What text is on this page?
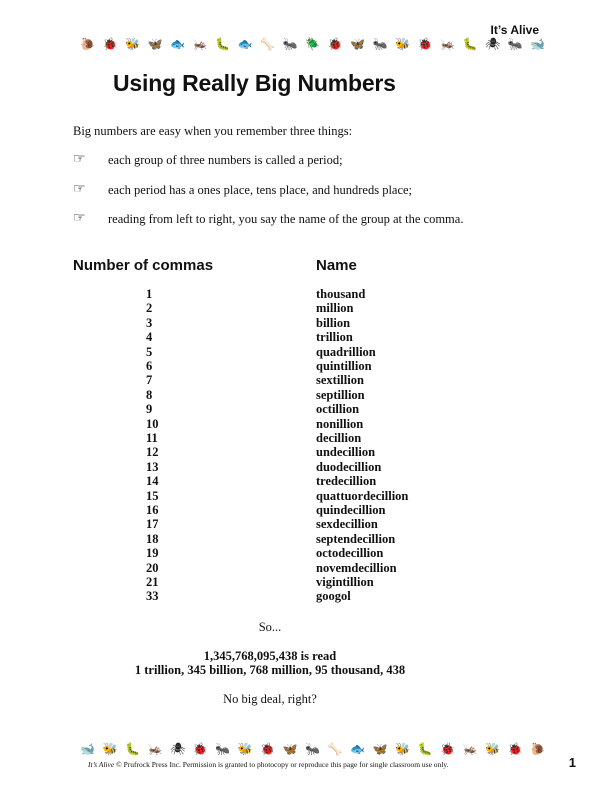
It’s Alive
🐌 🐞 🐝 🦋 🐟 🦗 🐛 🐟 🦴 🐜 🪲 🐞 🦋 🐜 🐝 🐞 🦗 🐛 🕷 🐜 🐋
Using Really Big Numbers
Big numbers are easy when you remember three things:
☞	each group of three numbers is called a period;
☞	each period has a ones place, tens place, and hundreds place;
☞	reading from left to right, you say the name of the group at the comma.
Number of commas	Name
1	thousand
2	million
3	billion
4	trillion
5	quadrillion
6	quintillion
7	sextillion
8	septillion
9	octillion
10	nonillion
11	decillion
12	undecillion
13	duodecillion
14	tredecillion
15	quattuordecillion
16	quindecillion
17	sexdecillion
18	septendecillion
19	octodecillion
20	novemdecillion
21	vigintillion
33	googol
So...
1,345,768,095,438 is read
1 trillion, 345 billion, 768 million, 95 thousand, 438
No big deal, right?
🐋 🐝 🐛 🦗 🕷 🐞 🐜 🐝 🐞 🦋 🐜 🦴 🐟 🦋 🐝 🐛 🐞 🦗 🐝 🐞 🐌
It’s Alive © Prufrock Press Inc. Permission is granted to photocopy or reproduce this page for single classroom use only.	1
